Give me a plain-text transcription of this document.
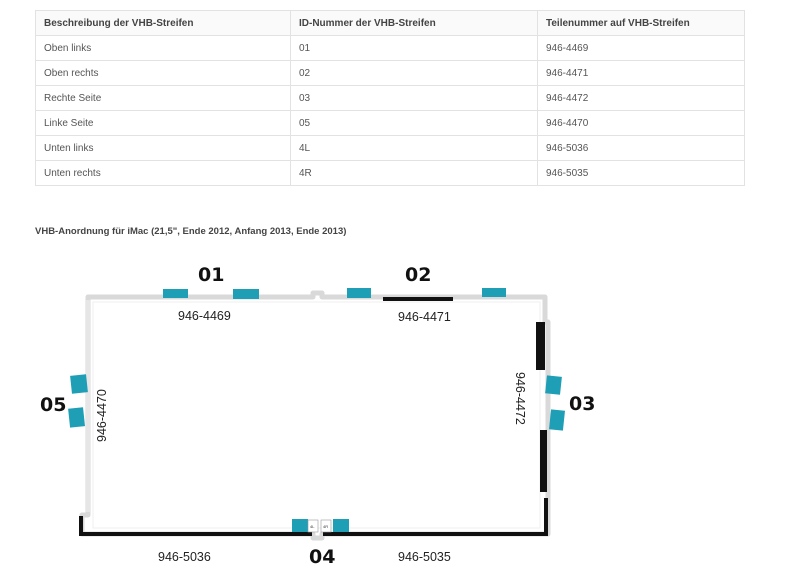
Beschreibung der VHB-Streifen	ID-Nummer der VHB-Streifen	Teilenummer auf VHB-Streifen
Oben links	01	946-4469
Oben rechts	02	946-4471
Rechte Seite	03	946-4472
Linke Seite	05	946-4470
Unten links	4L	946-5036
Unten rechts	4R	946-5035
VHB-Anordnung für iMac (21,5", Ende 2012, Anfang 2013, Ende 2013)
4L 4R
01	02
03
04
05
946-4469	946-4471
946-5036	946-5035
946-4470	946-4472
